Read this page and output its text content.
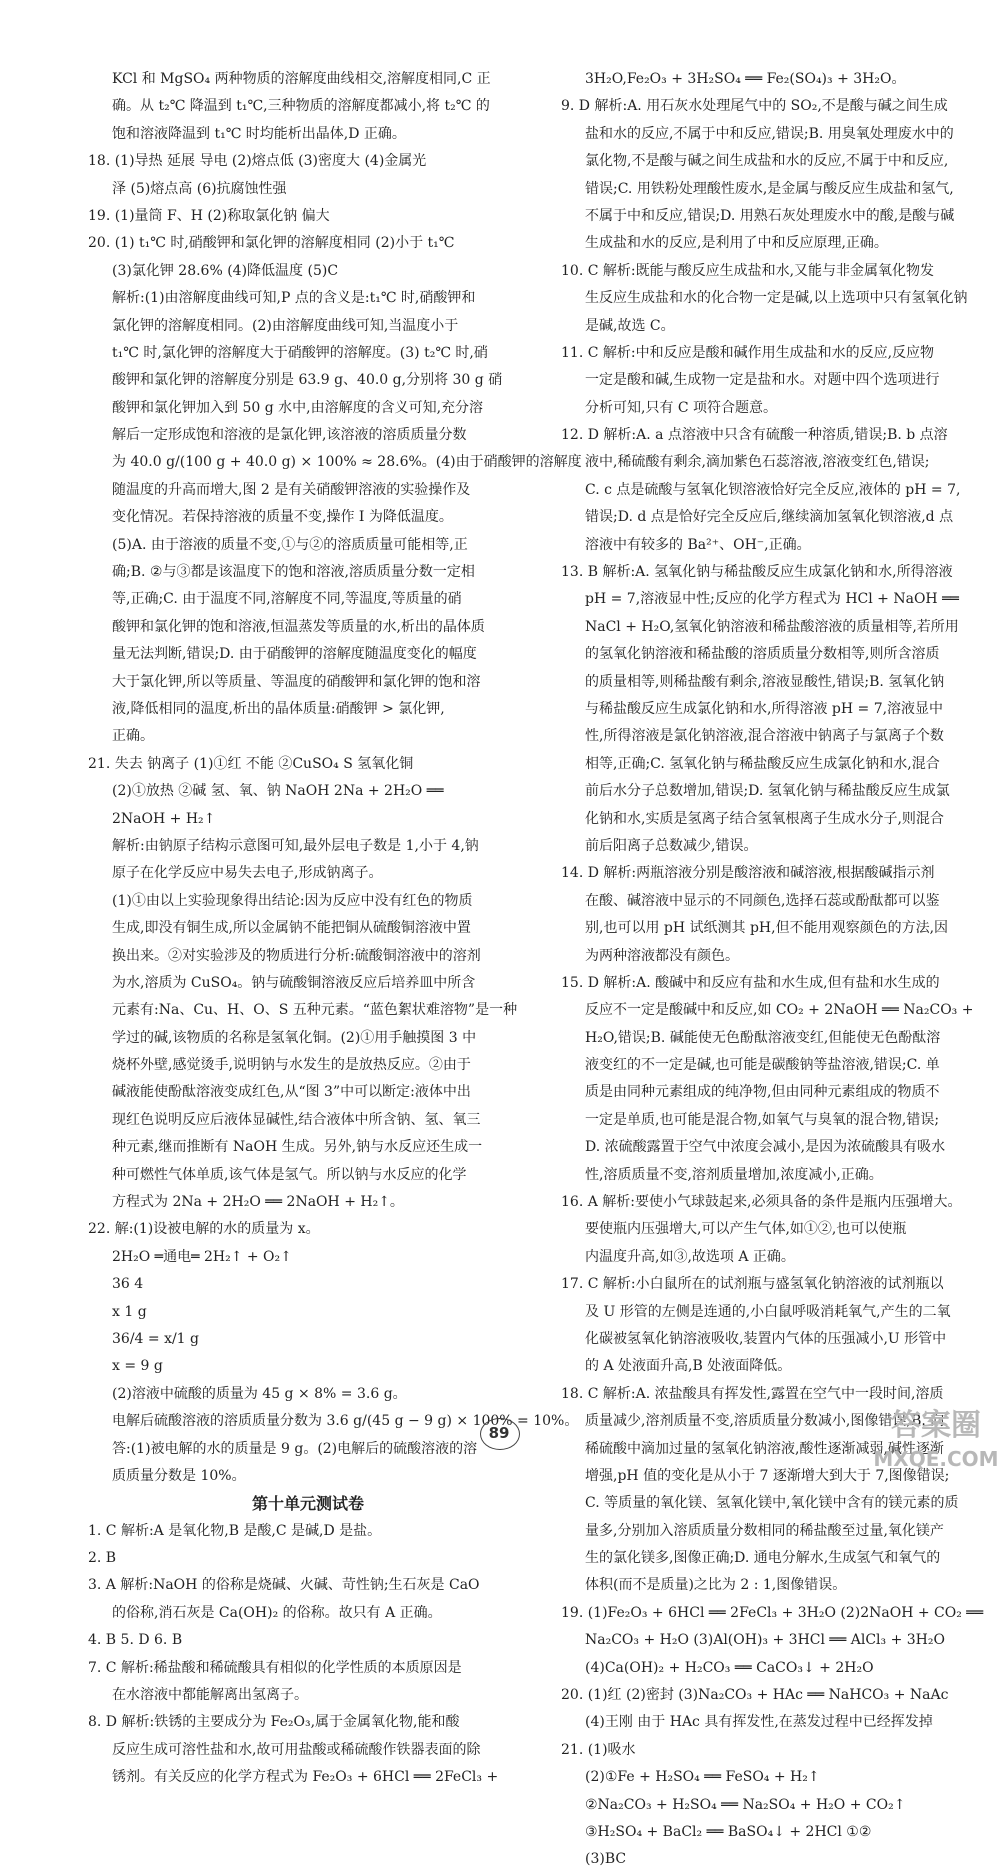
KCl 和 MgSO₄ 两种物质的溶解度曲线相交,溶解度相同,C 正
确。从 t₂℃ 降温到 t₁℃,三种物质的溶解度都减小,将 t₂℃ 的
饱和溶液降温到 t₁℃ 时均能析出晶体,D 正确。
18. (1)导热 延展 导电 (2)熔点低 (3)密度大 (4)金属光
泽 (5)熔点高 (6)抗腐蚀性强
19. (1)量筒 F、H (2)称取氯化钠 偏大
20. (1) t₁℃ 时,硝酸钾和氯化钾的溶解度相同 (2)小于 t₁℃
(3)氯化钾 28.6% (4)降低温度 (5)C
解析:(1)由溶解度曲线可知,P 点的含义是:t₁℃ 时,硝酸钾和
氯化钾的溶解度相同。(2)由溶解度曲线可知,当温度小于
t₁℃ 时,氯化钾的溶解度大于硝酸钾的溶解度。(3) t₂℃ 时,硝
酸钾和氯化钾的溶解度分别是 63.9 g、40.0 g,分别将 30 g 硝
酸钾和氯化钾加入到 50 g 水中,由溶解度的含义可知,充分溶
解后一定形成饱和溶液的是氯化钾,该溶液的溶质质量分数
为 40.0 g/(100 g + 40.0 g) × 100% ≈ 28.6%。(4)由于硝酸钾的溶解度
随温度的升高而增大,图 2 是有关硝酸钾溶液的实验操作及
变化情况。若保持溶液的质量不变,操作 Ⅰ 为降低温度。
(5)A. 由于溶液的质量不变,①与②的溶质质量可能相等,正
确;B. ②与③都是该温度下的饱和溶液,溶质质量分数一定相
等,正确;C. 由于温度不同,溶解度不同,等温度,等质量的硝
酸钾和氯化钾的饱和溶液,恒温蒸发等质量的水,析出的晶体质
量无法判断,错误;D. 由于硝酸钾的溶解度随温度变化的幅度
大于氯化钾,所以等质量、等温度的硝酸钾和氯化钾的饱和溶
液,降低相同的温度,析出的晶体质量:硝酸钾 > 氯化钾,
正确。
21. 失去 钠离子 (1)①红 不能 ②CuSO₄ S 氢氧化铜
(2)①放热 ②碱 氢、氧、钠 NaOH 2Na + 2H₂O ══
2NaOH + H₂↑
解析:由钠原子结构示意图可知,最外层电子数是 1,小于 4,钠
原子在化学反应中易失去电子,形成钠离子。
(1)①由以上实验现象得出结论:因为反应中没有红色的物质
生成,即没有铜生成,所以金属钠不能把铜从硫酸铜溶液中置
换出来。②对实验涉及的物质进行分析:硫酸铜溶液中的溶剂
为水,溶质为 CuSO₄。钠与硫酸铜溶液反应后培养皿中所含
元素有:Na、Cu、H、O、S 五种元素。“蓝色絮状难溶物”是一种
学过的碱,该物质的名称是氢氧化铜。(2)①用手触摸图 3 中
烧杯外壁,感觉烫手,说明钠与水发生的是放热反应。②由于
碱液能使酚酞溶液变成红色,从“图 3”中可以断定:液体中出
现红色说明反应后液体显碱性,结合液体中所含钠、氢、氧三
种元素,继而推断有 NaOH 生成。另外,钠与水反应还生成一
种可燃性气体单质,该气体是氢气。所以钠与水反应的化学
方程式为 2Na + 2H₂O ══ 2NaOH + H₂↑。
22. 解:(1)设被电解的水的质量为 x。
2H₂O ═通电═ 2H₂↑ + O₂↑
36 4
x 1 g
36/4 = x/1 g
x = 9 g
(2)溶液中硫酸的质量为 45 g × 8% = 3.6 g。
电解后硫酸溶液的溶质质量分数为 3.6 g/(45 g − 9 g) × 100% = 10%。
答:(1)被电解的水的质量是 9 g。(2)电解后的硫酸溶液的溶
质质量分数是 10%。
第十单元测试卷
1. C 解析:A 是氧化物,B 是酸,C 是碱,D 是盐。
2. B
3. A 解析:NaOH 的俗称是烧碱、火碱、苛性钠;生石灰是 CaO
的俗称,消石灰是 Ca(OH)₂ 的俗称。故只有 A 正确。
4. B 5. D 6. B
7. C 解析:稀盐酸和稀硫酸具有相似的化学性质的本质原因是
在水溶液中都能解离出氢离子。
8. D 解析:铁锈的主要成分为 Fe₂O₃,属于金属氧化物,能和酸
反应生成可溶性盐和水,故可用盐酸或稀硫酸作铁器表面的除
锈剂。有关反应的化学方程式为 Fe₂O₃ + 6HCl ══ 2FeCl₃ +
3H₂O,Fe₂O₃ + 3H₂SO₄ ══ Fe₂(SO₄)₃ + 3H₂O。
9. D 解析:A. 用石灰水处理尾气中的 SO₂,不是酸与碱之间生成
盐和水的反应,不属于中和反应,错误;B. 用臭氧处理废水中的
氯化物,不是酸与碱之间生成盐和水的反应,不属于中和反应,
错误;C. 用铁粉处理酸性废水,是金属与酸反应生成盐和氢气,
不属于中和反应,错误;D. 用熟石灰处理废水中的酸,是酸与碱
生成盐和水的反应,是利用了中和反应原理,正确。
10. C 解析:既能与酸反应生成盐和水,又能与非金属氧化物发
生反应生成盐和水的化合物一定是碱,以上选项中只有氢氧化钠
是碱,故选 C。
11. C 解析:中和反应是酸和碱作用生成盐和水的反应,反应物
一定是酸和碱,生成物一定是盐和水。对题中四个选项进行
分析可知,只有 C 项符合题意。
12. D 解析:A. a 点溶液中只含有硫酸一种溶质,错误;B. b 点溶
液中,稀硫酸有剩余,滴加紫色石蕊溶液,溶液变红色,错误;
C. c 点是硫酸与氢氧化钡溶液恰好完全反应,液体的 pH = 7,
错误;D. d 点是恰好完全反应后,继续滴加氢氧化钡溶液,d 点
溶液中有较多的 Ba²⁺、OH⁻,正确。
13. B 解析:A. 氢氧化钠与稀盐酸反应生成氯化钠和水,所得溶液
pH = 7,溶液显中性;反应的化学方程式为 HCl + NaOH ══
NaCl + H₂O,氢氧化钠溶液和稀盐酸溶液的质量相等,若所用
的氢氧化钠溶液和稀盐酸的溶质质量分数相等,则所含溶质
的质量相等,则稀盐酸有剩余,溶液显酸性,错误;B. 氢氧化钠
与稀盐酸反应生成氯化钠和水,所得溶液 pH = 7,溶液显中
性,所得溶液是氯化钠溶液,混合溶液中钠离子与氯离子个数
相等,正确;C. 氢氧化钠与稀盐酸反应生成氯化钠和水,混合
前后水分子总数增加,错误;D. 氢氧化钠与稀盐酸反应生成氯
化钠和水,实质是氢离子结合氢氧根离子生成水分子,则混合
前后阳离子总数减少,错误。
14. D 解析:两瓶溶液分别是酸溶液和碱溶液,根据酸碱指示剂
在酸、碱溶液中显示的不同颜色,选择石蕊或酚酞都可以鉴
别,也可以用 pH 试纸测其 pH,但不能用观察颜色的方法,因
为两种溶液都没有颜色。
15. D 解析:A. 酸碱中和反应有盐和水生成,但有盐和水生成的
反应不一定是酸碱中和反应,如 CO₂ + 2NaOH ══ Na₂CO₃ +
H₂O,错误;B. 碱能使无色酚酞溶液变红,但能使无色酚酞溶
液变红的不一定是碱,也可能是碳酸钠等盐溶液,错误;C. 单
质是由同种元素组成的纯净物,但由同种元素组成的物质不
一定是单质,也可能是混合物,如氧气与臭氧的混合物,错误;
D. 浓硫酸露置于空气中浓度会减小,是因为浓硫酸具有吸水
性,溶质质量不变,溶剂质量增加,浓度减小,正确。
16. A 解析:要使小气球鼓起来,必须具备的条件是瓶内压强增大。
要使瓶内压强增大,可以产生气体,如①②,也可以使瓶
内温度升高,如③,故选项 A 正确。
17. C 解析:小白鼠所在的试剂瓶与盛氢氧化钠溶液的试剂瓶以
及 U 形管的左侧是连通的,小白鼠呼吸消耗氧气,产生的二氧
化碳被氢氧化钠溶液吸收,装置内气体的压强减小,U 形管中
的 A 处液面升高,B 处液面降低。
18. C 解析:A. 浓盐酸具有挥发性,露置在空气中一段时间,溶质
质量减少,溶剂质量不变,溶质质量分数减小,图像错误;B. 向
稀硫酸中滴加过量的氢氧化钠溶液,酸性逐渐减弱,碱性逐渐
增强,pH 值的变化是从小于 7 逐渐增大到大于 7,图像错误;
C. 等质量的氧化镁、氢氧化镁中,氧化镁中含有的镁元素的质
量多,分别加入溶质质量分数相同的稀盐酸至过量,氧化镁产
生的氯化镁多,图像正确;D. 通电分解水,生成氢气和氧气的
体积(而不是质量)之比为 2 : 1,图像错误。
19. (1)Fe₂O₃ + 6HCl ══ 2FeCl₃ + 3H₂O (2)2NaOH + CO₂ ══
Na₂CO₃ + H₂O (3)Al(OH)₃ + 3HCl ══ AlCl₃ + 3H₂O
(4)Ca(OH)₂ + H₂CO₃ ══ CaCO₃↓ + 2H₂O
20. (1)红 (2)密封 (3)Na₂CO₃ + HAc ══ NaHCO₃ + NaAc
(4)王刚 由于 HAc 具有挥发性,在蒸发过程中已经挥发掉
21. (1)吸水
(2)①Fe + H₂SO₄ ══ FeSO₄ + H₂↑
②Na₂CO₃ + H₂SO₄ ══ Na₂SO₄ + H₂O + CO₂↑
③H₂SO₄ + BaCl₂ ══ BaSO₄↓ + 2HCl ①②
(3)BC
89	答案圈
MXQE.COM
